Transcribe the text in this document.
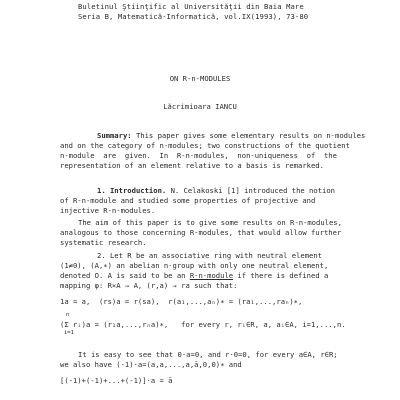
Buletinul Ştiinţific al Universităţii din Baia Mare
Seria B, Matematică-Informatică, vol.IX(1993), 73-80
ON R-n-MODULES
Lăcrimioara IANCU
Summary: This paper gives some elementary results on n-modules
and on the category of n-modules; two constructions of the quotient
n-module  are  given.  In  R-n-modules,  non-uniqueness  of  the
representation of an element relative to a basis is remarked.
1. Introduction. N. Celakoski [1] introduced the notion
of R-n-module and studied some properties of projective and
injective R-n-modules.
The aim of this paper is to give some results on R-n-modules,
analogous to those concerning R-modules, that would allow further
systematic research.
2. Let R be an associative ring with neutral element
(1≠0), (A,∗) an abelian n-group with only one neutral element,
denoted O. A is said to be an R-n-module if there is defined a
mapping φ: R×A → A, (r,a) → ra such that:
1a = a,  (rs)a = r(sa),  r(a₁,...,aₙ)∗ = (ra₁,...,raₙ)∗,
n
(Σ rᵢ)a = (r₁a,...,rₙa)∗,   for every r, rᵢ∈R, a, aᵢ∈A, i=1,...,n.
i=1
It is easy to see that 0·a=0, and r·0=0, for every a∈A, r∈R;
we also have (-1)·a=(a,a,...,a,ā,0,0)∗ and
[(-1)+(-1)+...+(-1)]·a = ā
